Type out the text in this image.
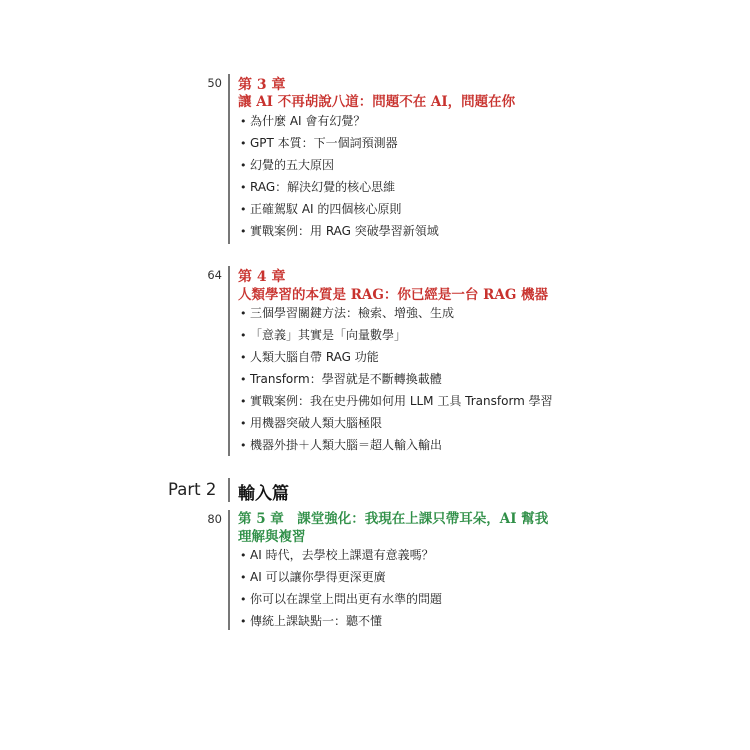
50 第 3 章
讓 AI 不再胡說八道：問題不在 AI，問題在你
• 為什麼 AI 會有幻覺？
• GPT 本質：下一個詞預測器
• 幻覺的五大原因
• RAG：解決幻覺的核心思維
• 正確駕馭 AI 的四個核心原則
• 實戰案例：用 RAG 突破學習新領域
64 第 4 章
人類學習的本質是 RAG：你已經是一台 RAG 機器
• 三個學習關鍵方法：檢索、增強、生成
• 「意義」其實是「向量數學」
• 人類大腦自帶 RAG 功能
• Transform：學習就是不斷轉換載體
• 實戰案例：我在史丹佛如何用 LLM 工具 Transform 學習
• 用機器突破人類大腦極限
• 機器外掛＋人類大腦＝超人輸入輸出
Part 2 輸入篇
80 第 5 章　課堂強化：我現在上課只帶耳朵，AI 幫我
理解與複習
• AI 時代，去學校上課還有意義嗎？
• AI 可以讓你學得更深更廣
• 你可以在課堂上問出更有水準的問題
• 傳統上課缺點一：聽不懂
